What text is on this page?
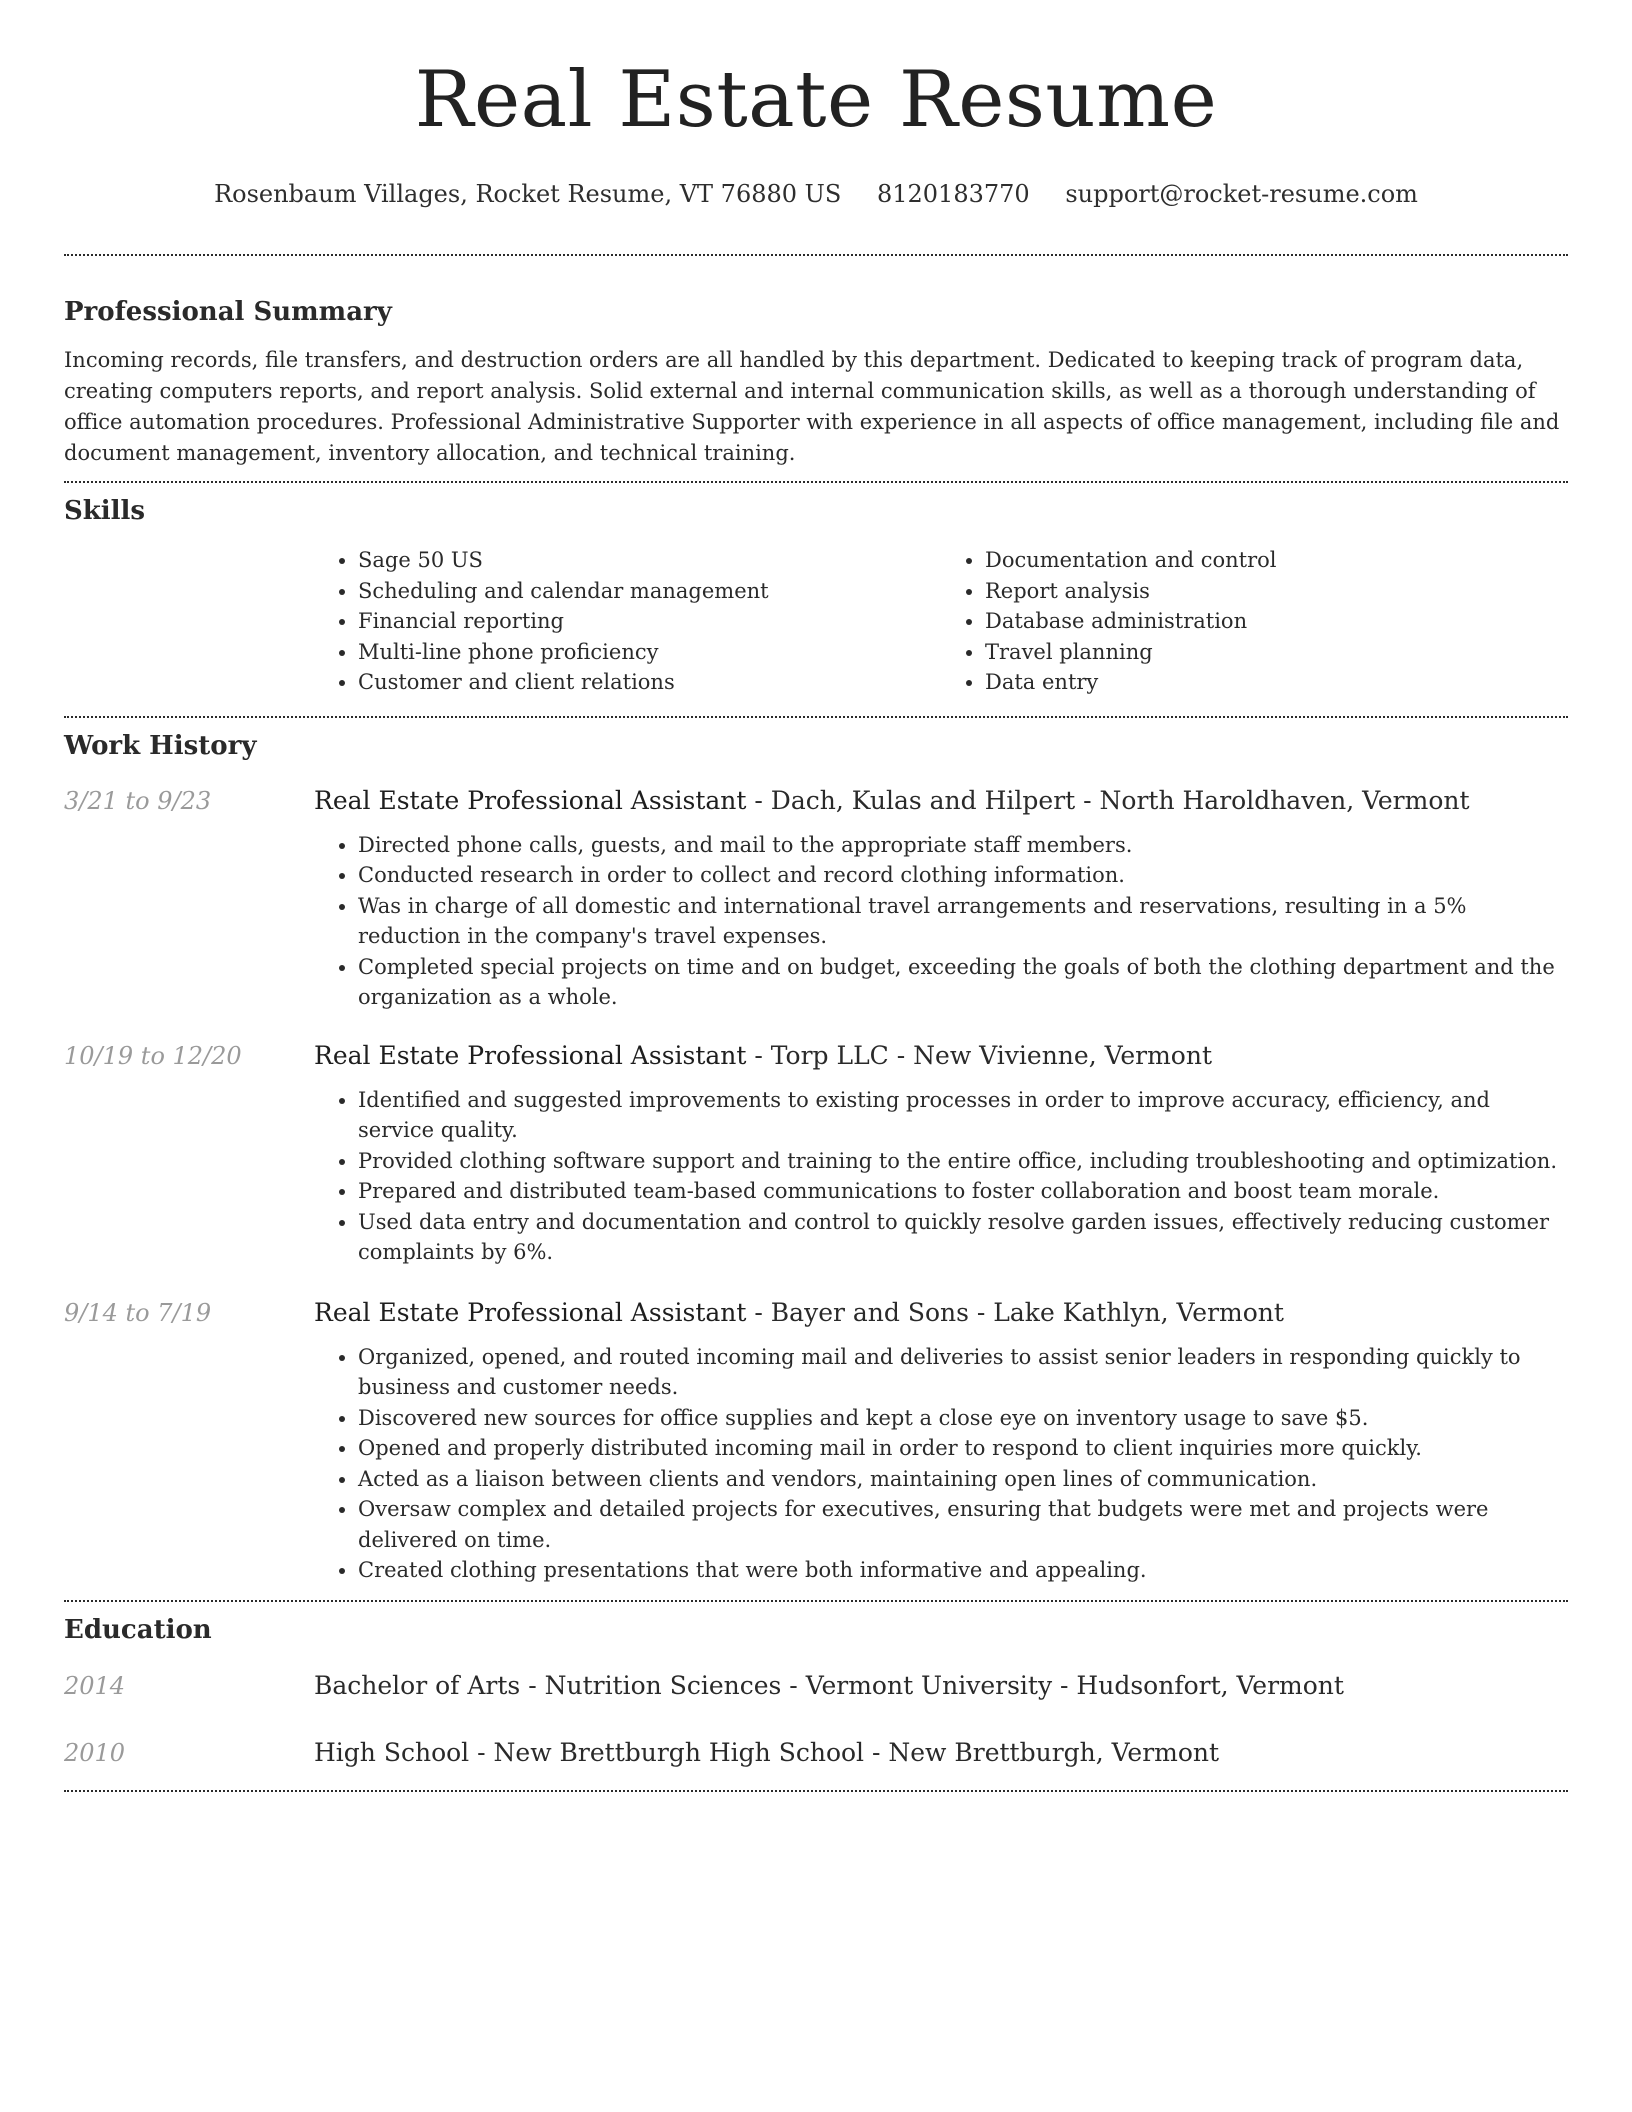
Real Estate Resume
Rosenbaum Villages, Rocket Resume, VT 76880 US 8120183770 support@rocket-resume.com
Professional Summary

Incoming records, file transfers, and destruction orders are all handled by this department. Dedicated to keeping track of program data, creating computers reports, and report analysis. Solid external and internal communication skills, as well as a thorough understanding of office automation procedures. Professional Administrative Supporter with experience in all aspects of office management, including file and document management, inventory allocation, and technical training.

Skills
• Sage 50 US
• Scheduling and calendar management
• Financial reporting
• Multi-line phone proficiency
• Customer and client relations
• Documentation and control
• Report analysis
• Database administration
• Travel planning
• Data entry
Work History
3/21 to 9/23	Real Estate Professional Assistant - Dach, Kulas and Hilpert - North Haroldhaven, Vermont
• Directed phone calls, guests, and mail to the appropriate staff members.
• Conducted research in order to collect and record clothing information.
• Was in charge of all domestic and international travel arrangements and reservations, resulting in a 5% reduction in the company's travel expenses.
• Completed special projects on time and on budget, exceeding the goals of both the clothing department and the organization as a whole.
10/19 to 12/20	Real Estate Professional Assistant - Torp LLC - New Vivienne, Vermont
• Identified and suggested improvements to existing processes in order to improve accuracy, efficiency, and service quality.
• Provided clothing software support and training to the entire office, including troubleshooting and optimization.
• Prepared and distributed team-based communications to foster collaboration and boost team morale.
• Used data entry and documentation and control to quickly resolve garden issues, effectively reducing customer complaints by 6%.
9/14 to 7/19	Real Estate Professional Assistant - Bayer and Sons - Lake Kathlyn, Vermont
• Organized, opened, and routed incoming mail and deliveries to assist senior leaders in responding quickly to business and customer needs.
• Discovered new sources for office supplies and kept a close eye on inventory usage to save $5.
• Opened and properly distributed incoming mail in order to respond to client inquiries more quickly.
• Acted as a liaison between clients and vendors, maintaining open lines of communication.
• Oversaw complex and detailed projects for executives, ensuring that budgets were met and projects were delivered on time.
• Created clothing presentations that were both informative and appealing.
Education
2014	Bachelor of Arts - Nutrition Sciences - Vermont University - Hudsonfort, Vermont
2010	High School - New Brettburgh High School - New Brettburgh, Vermont
